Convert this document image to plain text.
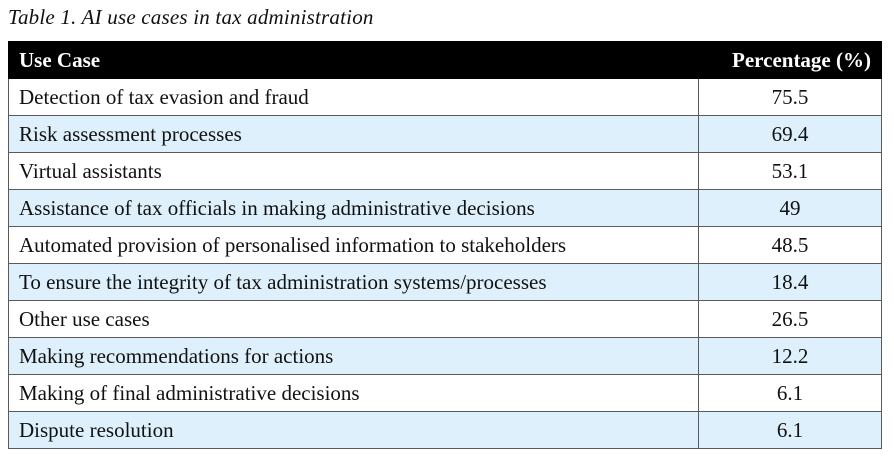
Table 1. AI use cases in tax administration
Use Case	Percentage (%)
Detection of tax evasion and fraud	75.5
Risk assessment processes	69.4
Virtual assistants	53.1
Assistance of tax officials in making administrative decisions	49
Automated provision of personalised information to stakeholders	48.5
To ensure the integrity of tax administration systems/processes	18.4
Other use cases	26.5
Making recommendations for actions	12.2
Making of final administrative decisions	6.1
Dispute resolution	6.1
